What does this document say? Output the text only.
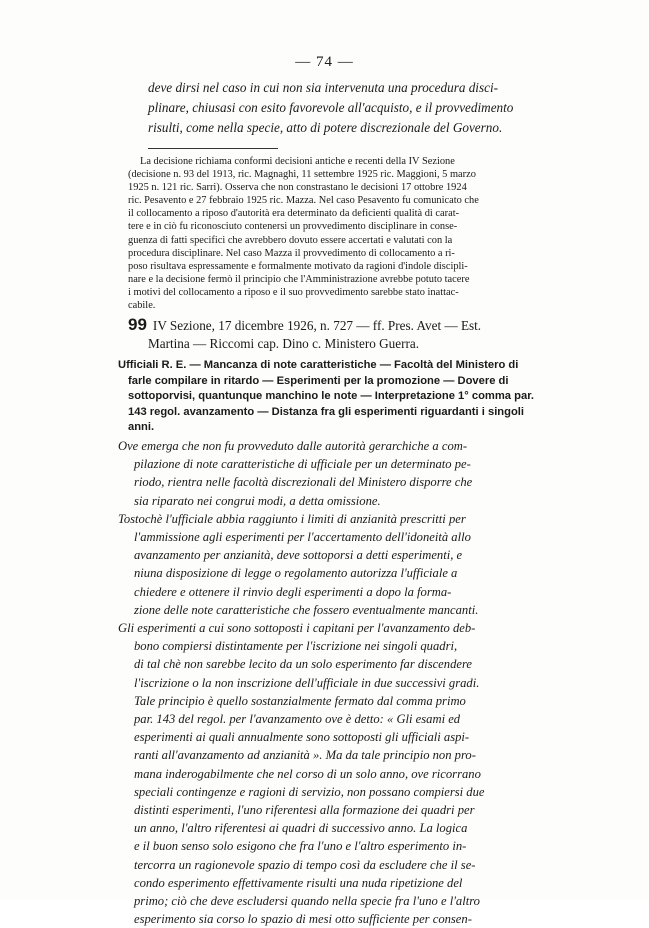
— 74 —
deve dirsi nel caso in cui non sia intervenuta una procedura disci-
plinare, chiusasi con esito favorevole all'acquisto, e il provvedimento
risulti, come nella specie, atto di potere discrezionale del Governo.
La decisione richiama conformi decisioni antiche e recenti della IV Sezione
(decisione n. 93 del 1913, ric. Magnaghi, 11 settembre 1925 ric. Maggioni, 5 marzo
1925 n. 121 ric. Sarri). Osserva che non constrastano le decisioni 17 ottobre 1924
ric. Pesavento e 27 febbraio 1925 ric. Mazza. Nel caso Pesavento fu comunicato che
il collocamento a riposo d'autorità era determinato da deficienti qualità di carat-
tere e in ciò fu riconosciuto contenersi un provvedimento disciplinare in conse-
guenza di fatti specifici che avrebbero dovuto essere accertati e valutati con la
procedura disciplinare. Nel caso Mazza il provvedimento di collocamento a ri-
poso risultava espressamente e formalmente motivato da ragioni d'indole discipli-
nare e la decisione fermò il principio che l'Amministrazione avrebbe potuto tacere
i motivi del collocamento a riposo e il suo provvedimento sarebbe stato inattac-
cabile.
99 IV Sezione, 17 dicembre 1926, n. 727 — ff. Pres. Avet — Est.
Martina — Riccomi cap. Dino c. Ministero Guerra.
Ufficiali R. E. — Mancanza di note caratteristiche — Facoltà del Ministero di
farle compilare in ritardo — Esperimenti per la promozione — Dovere di
sottoporvisi, quantunque manchino le note — Interpretazione 1° comma par.
143 regol. avanzamento — Distanza fra gli esperimenti riguardanti i singoli
anni.
Ove emerga che non fu provveduto dalle autorità gerarchiche a com-
pilazione di note caratteristiche di ufficiale per un determinato pe-
riodo, rientra nelle facoltà discrezionali del Ministero disporre che
sia riparato nei congrui modi, a detta omissione.
Tostochè l'ufficiale abbia raggiunto i limiti di anzianità prescritti per
l'ammissione agli esperimenti per l'accertamento dell'idoneità allo
avanzamento per anzianità, deve sottoporsi a detti esperimenti, e
niuna disposizione di legge o regolamento autorizza l'ufficiale a
chiedere e ottenere il rinvio degli esperimenti a dopo la forma-
zione delle note caratteristiche che fossero eventualmente mancanti.
Gli esperimenti a cui sono sottoposti i capitani per l'avanzamento deb-
bono compiersi distintamente per l'iscrizione nei singoli quadri,
di tal chè non sarebbe lecito da un solo esperimento far discendere
l'iscrizione o la non inscrizione dell'ufficiale in due successivi gradi.
Tale principio è quello sostanzialmente fermato dal comma primo
par. 143 del regol. per l'avanzamento ove è detto: « Gli esami ed
esperimenti ai quali annualmente sono sottoposti gli ufficiali aspi-
ranti all'avanzamento ad anzianità ». Ma da tale principio non pro-
mana inderogabilmente che nel corso di un solo anno, ove ricorrano
speciali contingenze e ragioni di servizio, non possano compiersi due
distinti esperimenti, l'uno riferentesi alla formazione dei quadri per
un anno, l'altro riferentesi ai quadri di successivo anno. La logica
e il buon senso solo esigono che fra l'uno e l'altro esperimento in-
tercorra un ragionevole spazio di tempo così da escludere che il se-
condo esperimento effettivamente risulti una nuda ripetizione del
primo; ciò che deve escludersi quando nella specie fra l'uno e l'altro
esperimento sia corso lo spazio di mesi otto sufficiente per consen-
